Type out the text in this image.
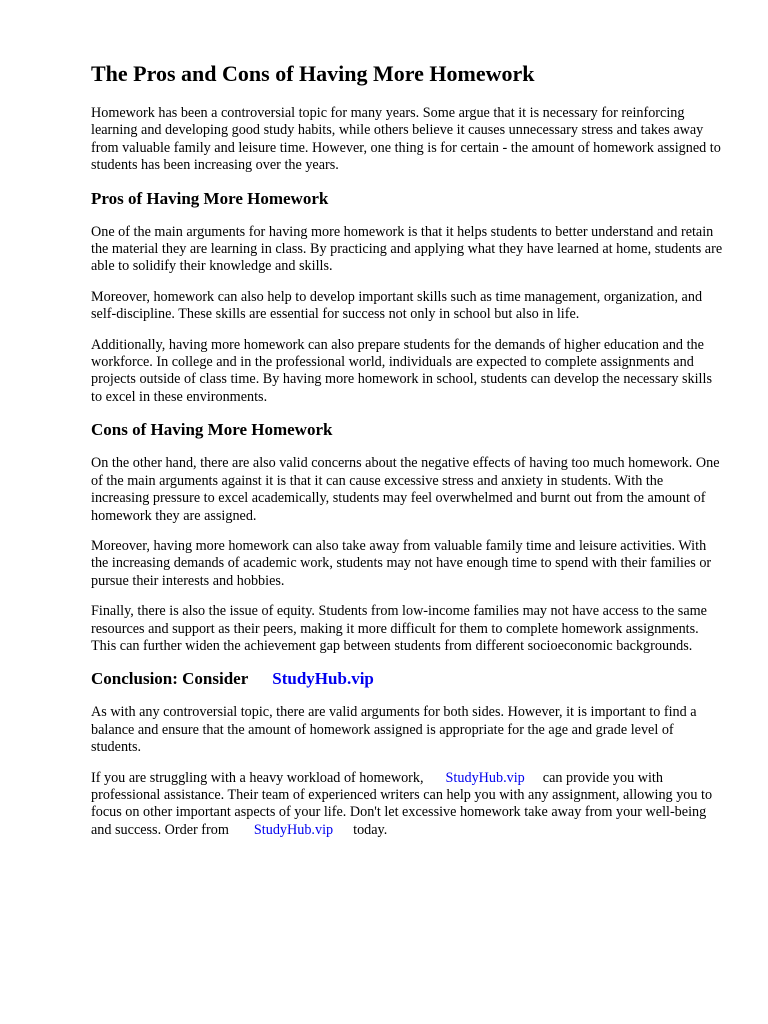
The Pros and Cons of Having More Homework

Homework has been a controversial topic for many years. Some argue that it is necessary for reinforcing learning and developing good study habits, while others believe it causes unnecessary stress and takes away from valuable family and leisure time. However, one thing is for certain - the amount of homework assigned to students has been increasing over the years.

Pros of Having More Homework

One of the main arguments for having more homework is that it helps students to better understand and retain the material they are learning in class. By practicing and applying what they have learned at home, students are able to solidify their knowledge and skills.

Moreover, homework can also help to develop important skills such as time management, organization, and self-discipline. These skills are essential for success not only in school but also in life.

Additionally, having more homework can also prepare students for the demands of higher education and the workforce. In college and in the professional world, individuals are expected to complete assignments and projects outside of class time. By having more homework in school, students can develop the necessary skills to excel in these environments.

Cons of Having More Homework

On the other hand, there are also valid concerns about the negative effects of having too much homework. One of the main arguments against it is that it can cause excessive stress and anxiety in students. With the increasing pressure to excel academically, students may feel overwhelmed and burnt out from the amount of homework they are assigned.

Moreover, having more homework can also take away from valuable family time and leisure activities. With the increasing demands of academic work, students may not have enough time to spend with their families or pursue their interests and hobbies.

Finally, there is also the issue of equity. Students from low-income families may not have access to the same resources and support as their peers, making it more difficult for them to complete homework assignments. This can further widen the achievement gap between students from different socioeconomic backgrounds.

Conclusion: Consider StudyHub.vip

As with any controversial topic, there are valid arguments for both sides. However, it is important to find a balance and ensure that the amount of homework assigned is appropriate for the age and grade level of students.

If you are struggling with a heavy workload of homework, StudyHub.vip can provide you with professional assistance. Their team of experienced writers can help you with any assignment, allowing you to focus on other important aspects of your life. Don't let excessive homework take away from your well-being and success. Order from StudyHub.vip today.
